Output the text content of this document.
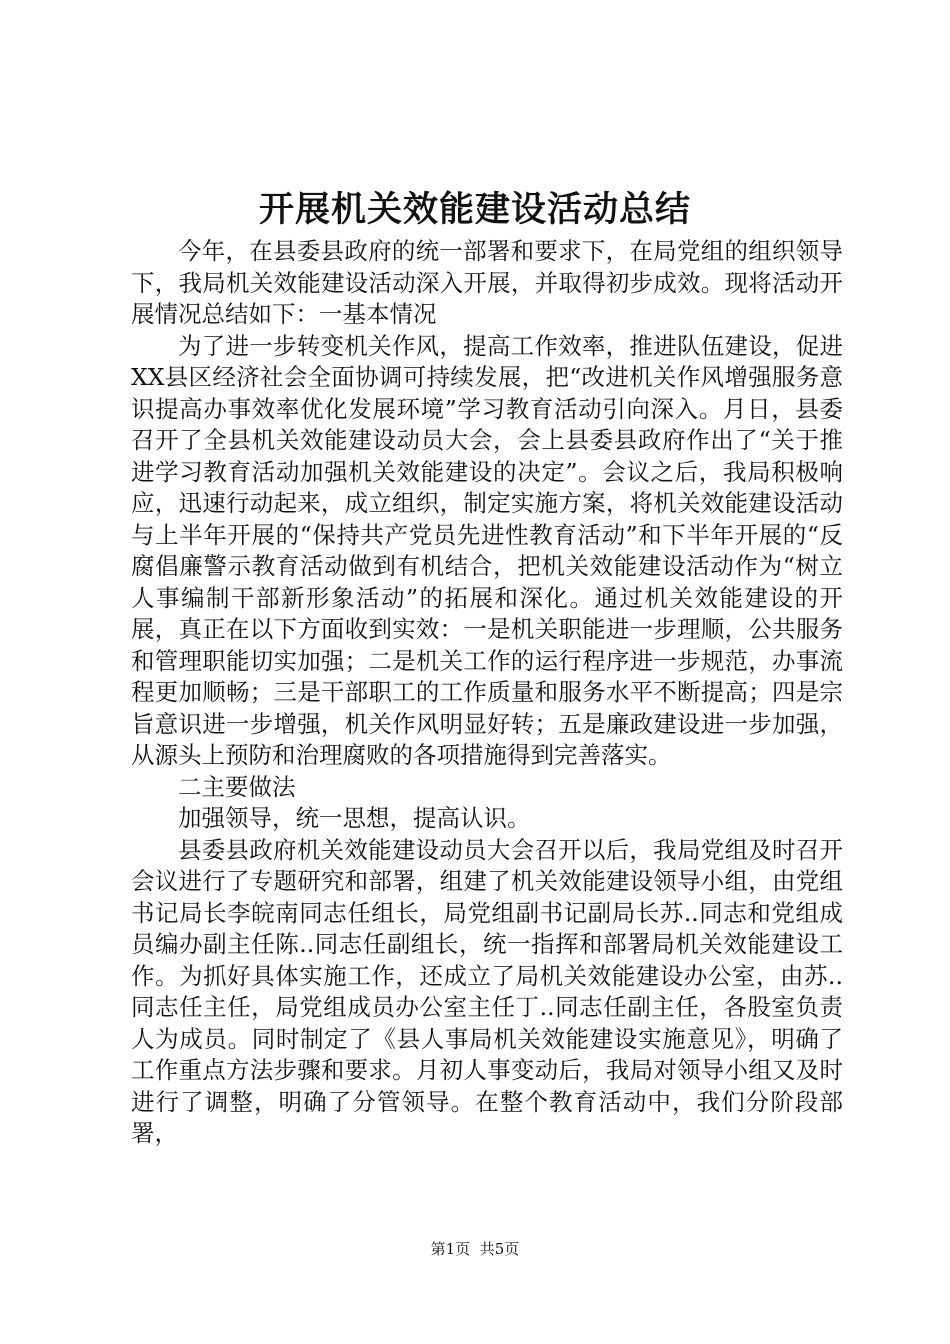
开展机关效能建设活动总结

今年，在县委县政府的统一部署和要求下，在局党组的组织领导下，我局机关效能建设活动深入开展，并取得初步成效。现将活动开展情况总结如下：一基本情况

为了进一步转变机关作风，提高工作效率，推进队伍建设，促进XX县区经济社会全面协调可持续发展，把“改进机关作风增强服务意识提高办事效率优化发展环境”学习教育活动引向深入。月日，县委召开了全县机关效能建设动员大会，会上县委县政府作出了“关于推进学习教育活动加强机关效能建设的决定”。会议之后，我局积极响应，迅速行动起来，成立组织，制定实施方案，将机关效能建设活动与上半年开展的“保持共产党员先进性教育活动”和下半年开展的“反腐倡廉警示教育活动做到有机结合，把机关效能建设活动作为“树立人事编制干部新形象活动”的拓展和深化。通过机关效能建设的开展，真正在以下方面收到实效：一是机关职能进一步理顺，公共服务和管理职能切实加强；二是机关工作的运行程序进一步规范，办事流程更加顺畅；三是干部职工的工作质量和服务水平不断提高；四是宗旨意识进一步增强，机关作风明显好转；五是廉政建设进一步加强，从源头上预防和治理腐败的各项措施得到完善落实。

二主要做法

加强领导，统一思想，提高认识。

县委县政府机关效能建设动员大会召开以后，我局党组及时召开会议进行了专题研究和部署，组建了机关效能建设领导小组，由党组书记局长李皖南同志任组长，局党组副书记副局长苏..同志和党组成员编办副主任陈..同志任副组长，统一指挥和部署局机关效能建设工作。为抓好具体实施工作，还成立了局机关效能建设办公室，由苏..同志任主任，局党组成员办公室主任丁..同志任副主任，各股室负责人为成员。同时制定了《县人事局机关效能建设实施意见》，明确了工作重点方法步骤和要求。月初人事变动后，我局对领导小组又及时进行了调整，明确了分管领导。在整个教育活动中，我们分阶段部署，

第1页 共5页
